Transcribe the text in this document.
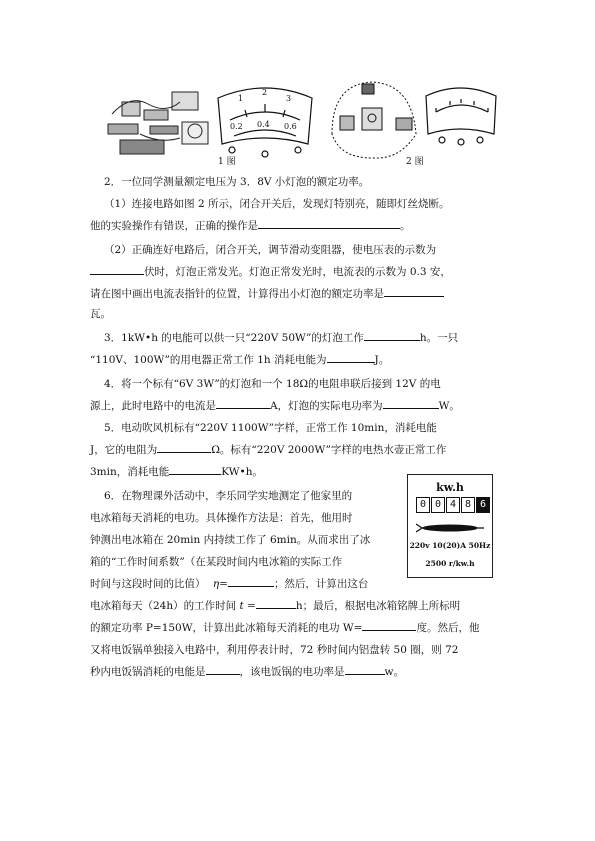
1 图	2 图
0.2 0.4 0.6
1
2
3
2．一位同学测量额定电压为 3．8V 小灯泡的额定功率。
（1）连接电路如图 2 所示，闭合开关后，发现灯特别亮，随即灯丝烧断。
他的实验操作有错误，正确的操作是	。
（2）正确连好电路后，闭合开关，调节滑动变阻器，使电压表的示数为
伏时，灯泡正常发光。灯泡正常发光时，电流表的示数为 0.3 安，
请在图中画出电流表指针的位置，计算得出小灯泡的额定功率是
瓦。
3．1kW•h 的电能可以供一只“220V 50W”的灯泡工作	h。一只
“110V、100W”的用电器正常工作 1h 消耗电能为	J。
4．将一个标有“6V 3W”的灯泡和一个 18Ω的电阻串联后接到 12V 的电
源上，此时电路中的电流是	A，灯泡的实际电功率为	W。
5．电动吹风机标有“220V 1100W”字样，正常工作 10min，消耗电能
J，它的电阻为	Ω。标有“220V 2000W”字样的电热水壶正常工作
3min，消耗电能	KW•h。
6．在物理课外活动中，李乐同学实地测定了他家里的
电冰箱每天消耗的电功。具体操作方法是：首先，他用时
钟测出电冰箱在 20min 内持续工作了 6min。从而求出了冰
箱的“工作时间系数”（在某段时间内电冰箱的实际工作
时间与这段时间的比值） η=	；然后，计算出这台
电冰箱每天（24h）的工作时间 t =	h；最后，根据电冰箱铭牌上所标明
的额定功率 P=150W，计算出此冰箱每天消耗的电功 W=	度。然后，他
又将电饭锅单独接入电路中，利用停表计时，72 秒时间内铝盘转 50 圈，则 72
秒内电饭锅消耗的电能是	，该电饭锅的电功率是	w。
kw.h
0 0 4 8 6
220v 10(20)A 50Hz
2500 r/kw.h
